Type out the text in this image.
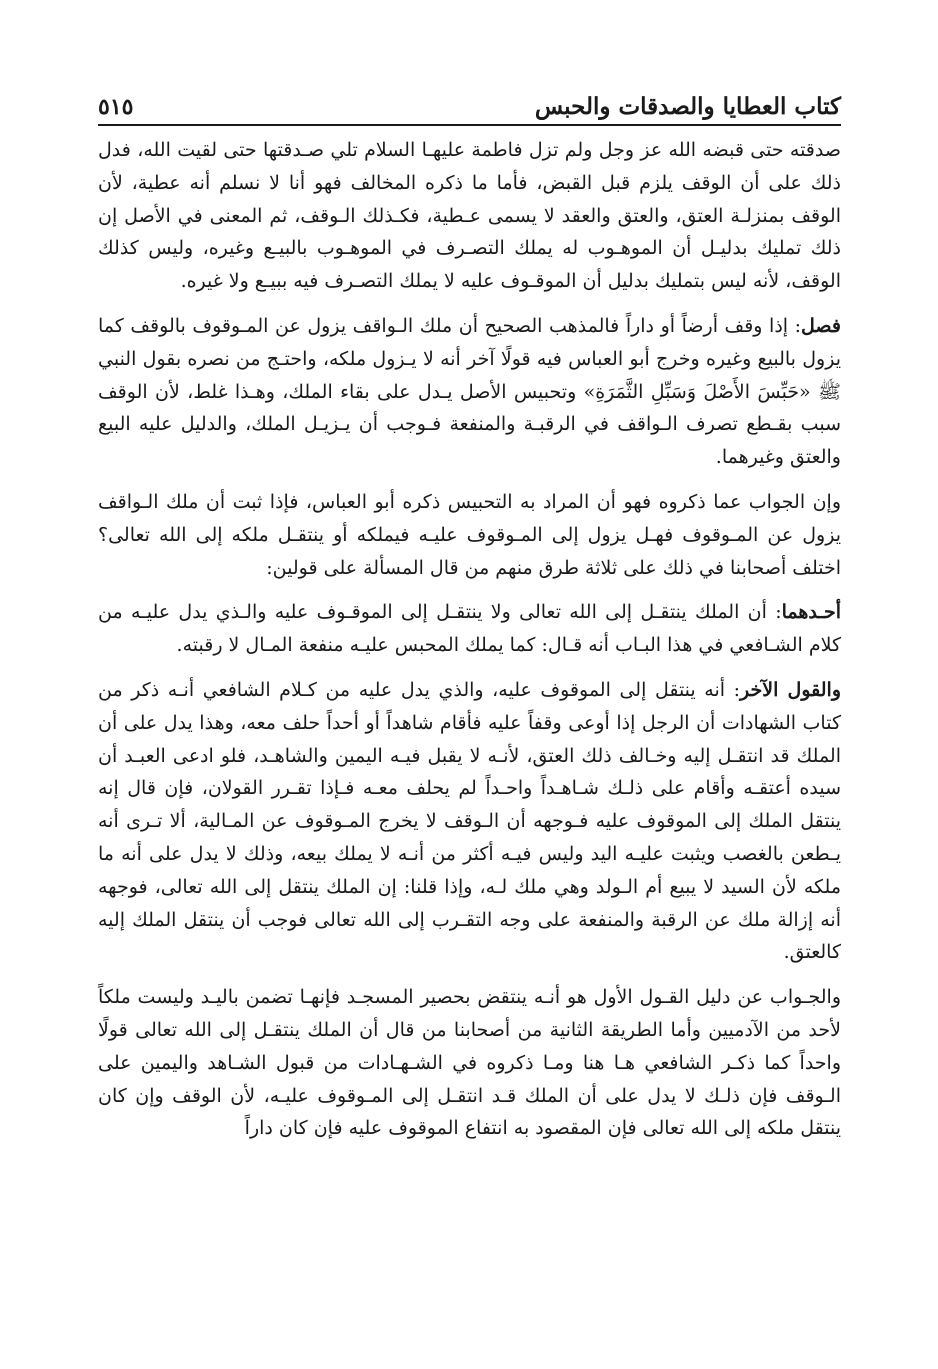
كتاب العطايا والصدقات والحبس
٥١٥

صدقته حتى قبضه الله عز وجل ولم تزل فاطمة عليهـا السلام تلي صـدقتها حتى لقيت الله، فدل ذلك على أن الوقف يلزم قبل القبض، فأما ما ذكره المخالف فهو أنا لا نسلم أنه عطية، لأن الوقف بمنزلـة العتق، والعتق والعقد لا يسمى عـطية، فكـذلك الـوقف، ثم المعنى في الأصل إن ذلك تمليك بدليـل أن الموهـوب له يملك التصـرف في الموهـوب بالبيـع وغيره، وليس كذلك الوقف، لأنه ليس بتمليك بدليل أن الموقـوف عليه لا يملك التصـرف فيه ببيـع ولا غيره.

فصل: إذا وقف أرضاً أو داراً فالمذهب الصحيح أن ملك الـواقف يزول عن المـوقوف بالوقف كما يزول بالبيع وغيره وخرج أبو العباس فيه قولًا آخر أنه لا يـزول ملكه، واحتـج من نصره بقول النبي ﷺ «حَبِّسَ الأَصْلَ وَسَبِّلِ الثَّمَرَةِ» وتحبيس الأصل يـدل على بقاء الملك، وهـذا غلط، لأن الوقف سبب بقـطع تصرف الـواقف في الرقبـة والمنفعة فـوجب أن يـزيـل الملك، والدليل عليه البيع والعتق وغيرهما.

وإن الجواب عما ذكروه فهو أن المراد به التحبيس ذكره أبو العباس، فإذا ثبت أن ملك الـواقف يزول عن المـوقوف فهـل يزول إلى المـوقوف عليـه فيملكه أو ينتقـل ملكه إلى الله تعالى؟ اختلف أصحابنا في ذلك على ثلاثة طرق منهم من قال المسألة على قولين:

أحـدهما: أن الملك ينتقـل إلى الله تعالى ولا ينتقـل إلى الموقـوف عليه والـذي يدل عليـه من كلام الشـافعي في هذا البـاب أنه قـال: كما يملك المحبس عليـه منفعة المـال لا رقبته.

والقول الآخر: أنه ينتقل إلى الموقوف عليه، والذي يدل عليه من كـلام الشافعي أنـه ذكر من كتاب الشهادات أن الرجل إذا أوعى وقفاً عليه فأقام شاهداً أو أحداً حلف معه، وهذا يدل على أن الملك قد انتقـل إليه وخـالف ذلك العتق، لأنـه لا يقبل فيـه اليمين والشاهـد، فلو ادعى العبـد أن سيده أعتقـه وأقام على ذلـك شـاهـداً واحـداً لم يحلف معـه فـإذا تقـرر القولان، فإن قال إنه ينتقل الملك إلى الموقوف عليه فـوجهه أن الـوقف لا يخرج المـوقوف عن المـالية، ألا تـرى أنه يـطعن بالغصب ويثبت عليـه اليد وليس فيـه أكثر من أنـه لا يملك بيعه، وذلك لا يدل على أنه ما ملكه لأن السيد لا يبيع أم الـولد وهي ملك لـه، وإذا قلنا: إن الملك ينتقل إلى الله تعالى، فوجهه أنه إزالة ملك عن الرقبة والمنفعة على وجه التقـرب إلى الله تعالى فوجب أن ينتقل الملك إليه كالعتق.

والجـواب عن دليل القـول الأول هو أنـه ينتقض بحصير المسجـد فإنهـا تضمن باليـد وليست ملكاً لأحد من الآدميين وأما الطريقة الثانية من أصحابنا من قال أن الملك ينتقـل إلى الله تعالى قولًا واحداً كما ذكـر الشافعي هـا هنا ومـا ذكروه في الشـهـادات من قبول الشـاهد واليمين على الـوقف فإن ذلـك لا يدل على أن الملك قـد انتقـل إلى المـوقوف عليـه، لأن الوقف وإن كان ينتقل ملكه إلى الله تعالى فإن المقصود به انتفاع الموقوف عليه فإن كان داراً
